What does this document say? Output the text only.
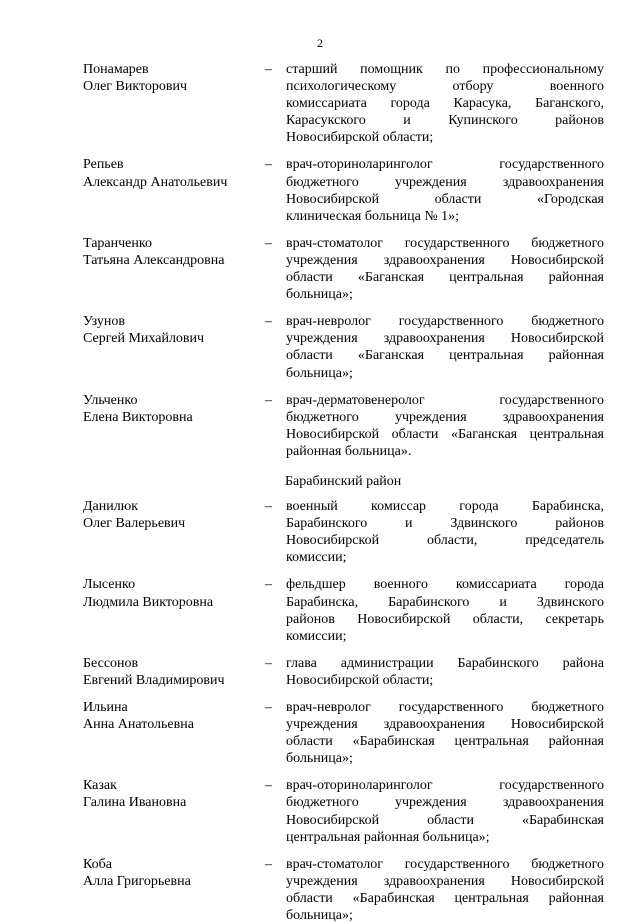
2
Понамарев
Олег Викторович
–	старший помощник по профессиональному
психологическому отбору военного
комиссариата города Карасука, Баганского,
Карасукского и Купинского районов
Новосибирской области;
Репьев
Александр Анатольевич
–	врач-оториноларинголог государственного
бюджетного учреждения здравоохранения
Новосибирской области «Городская
клиническая больница № 1»;
Таранченко
Татьяна Александровна
–	врач-стоматолог государственного бюджетного
учреждения здравоохранения Новосибирской
области «Баганская центральная районная
больница»;
Узунов
Сергей Михайлович
–	врач-невролог государственного бюджетного
учреждения здравоохранения Новосибирской
области «Баганская центральная районная
больница»;
Ульченко
Елена Викторовна
–	врач-дерматовенеролог государственного
бюджетного учреждения здравоохранения
Новосибирской области «Баганская центральная
районная больница».
Барабинский район
Данилюк
Олег Валерьевич
–	военный комиссар города Барабинска,
Барабинского и Здвинского районов
Новосибирской области, председатель
комиссии;
Лысенко
Людмила Викторовна
–	фельдшер военного комиссариата города
Барабинска, Барабинского и Здвинского
районов Новосибирской области, секретарь
комиссии;
Бессонов
Евгений Владимирович
–	глава администрации Барабинского района
Новосибирской области;
Ильина
Анна Анатольевна
–	врач-невролог государственного бюджетного
учреждения здравоохранения Новосибирской
области «Барабинская центральная районная
больница»;
Казак
Галина Ивановна
–	врач-оториноларинголог государственного
бюджетного учреждения здравоохранения
Новосибирской области «Барабинская
центральная районная больница»;
Коба
Алла Григорьевна
–	врач-стоматолог государственного бюджетного
учреждения здравоохранения Новосибирской
области «Барабинская центральная районная
больница»;
